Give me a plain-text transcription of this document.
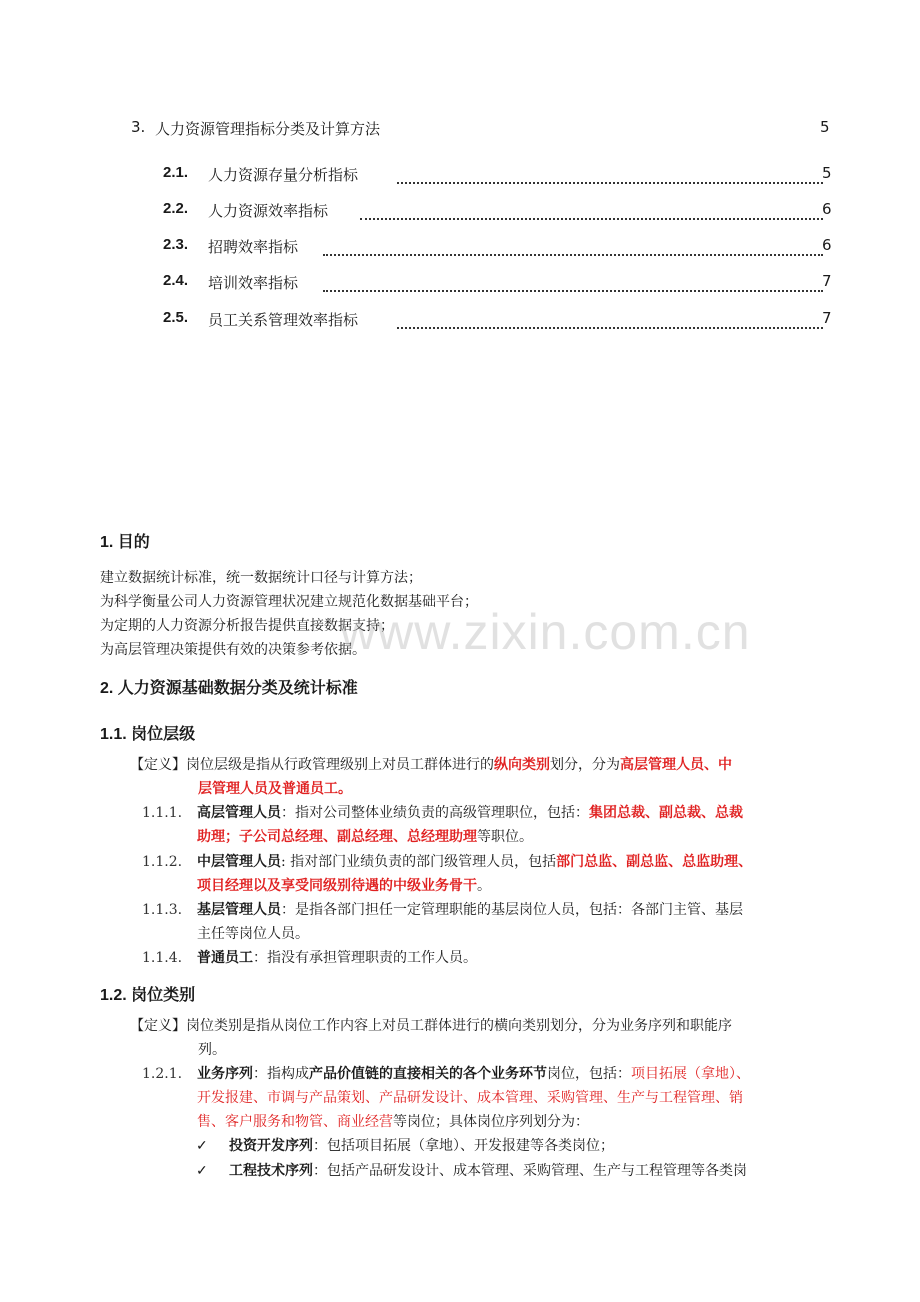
3. 人力资源管理指标分类及计算方法	5
2.1. 人力资源存量分析指标	5
2.2. 人力资源效率指标	6
2.3. 招聘效率指标	6
2.4. 培训效率指标	7
2.5. 员工关系管理效率指标	7
1. 目的
建立数据统计标准，统一数据统计口径与计算方法；
为科学衡量公司人力资源管理状况建立规范化数据基础平台；
为定期的人力资源分析报告提供直接数据支持；
为高层管理决策提供有效的决策参考依据。
2. 人力资源基础数据分类及统计标准
1.1. 岗位层级
【定义】岗位层级是指从行政管理级别上对员工群体进行的纵向类别划分，分为高层管理人员、中
层管理人员及普通员工。
1.1.1. 高层管理人员：指对公司整体业绩负责的高级管理职位，包括：集团总裁、副总裁、总裁
助理；子公司总经理、副总经理、总经理助理等职位。
1.1.2. 中层管理人员: 指对部门业绩负责的部门级管理人员，包括部门总监、副总监、总监助理、
项目经理以及享受同级别待遇的中级业务骨干。
1.1.3. 基层管理人员：是指各部门担任一定管理职能的基层岗位人员，包括：各部门主管、基层
主任等岗位人员。
1.1.4. 普通员工：指没有承担管理职责的工作人员。
1.2. 岗位类别
【定义】岗位类别是指从岗位工作内容上对员工群体进行的横向类别划分，分为业务序列和职能序
列。
1.2.1. 业务序列：指构成产品价值链的直接相关的各个业务环节岗位，包括：项目拓展（拿地）、
开发报建、市调与产品策划、产品研发设计、成本管理、采购管理、生产与工程管理、销
售、客户服务和物管、商业经营等岗位；具体岗位序列划分为：
✓ 投资开发序列：包括项目拓展（拿地）、开发报建等各类岗位；
✓ 工程技术序列：包括产品研发设计、成本管理、采购管理、生产与工程管理等各类岗
www.zixin.com.cn
